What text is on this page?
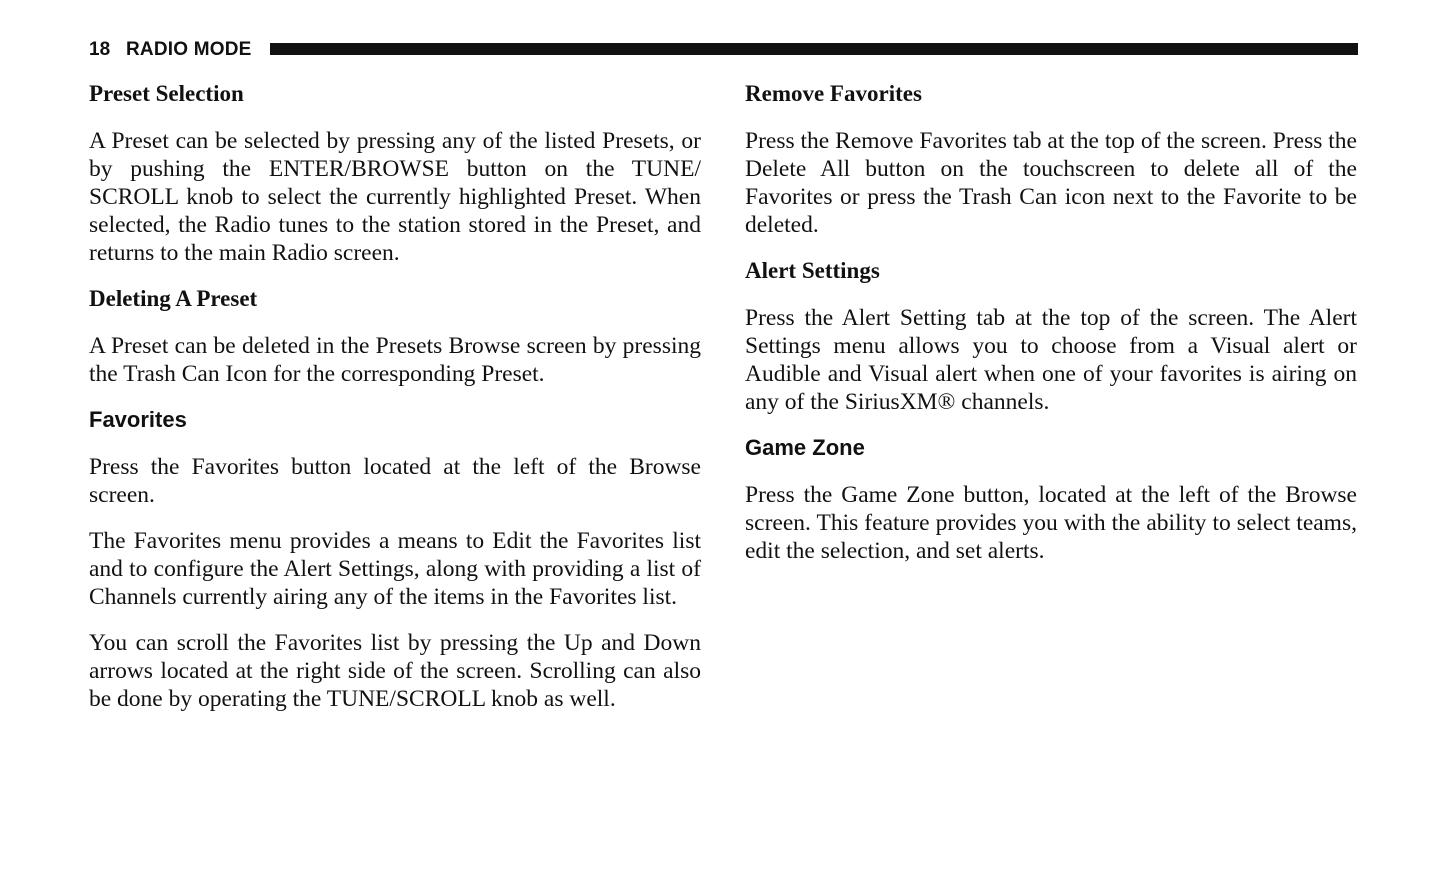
18 RADIO MODE
Preset Selection

A Preset can be selected by pressing any of the listed Presets, or by pushing the ENTER/BROWSE button on the TUNE/ SCROLL knob to select the currently highlighted Preset. When selected, the Radio tunes to the station stored in the Preset, and returns to the main Radio screen.

Deleting A Preset

A Preset can be deleted in the Presets Browse screen by pressing the Trash Can Icon for the corresponding Preset.

Favorites

Press the Favorites button located at the left of the Browse screen.

The Favorites menu provides a means to Edit the Favorites list and to configure the Alert Settings, along with providing a list of Channels currently airing any of the items in the Favorites list.

You can scroll the Favorites list by pressing the Up and Down arrows located at the right side of the screen. Scrolling can also be done by operating the TUNE/SCROLL knob as well.

Remove Favorites

Press the Remove Favorites tab at the top of the screen. Press the Delete All button on the touchscreen to delete all of the Favorites or press the Trash Can icon next to the Favorite to be deleted.

Alert Settings

Press the Alert Setting tab at the top of the screen. The Alert Settings menu allows you to choose from a Visual alert or Audible and Visual alert when one of your favorites is airing on any of the SiriusXM® channels.

Game Zone

Press the Game Zone button, located at the left of the Browse screen. This feature provides you with the ability to select teams, edit the selection, and set alerts.
